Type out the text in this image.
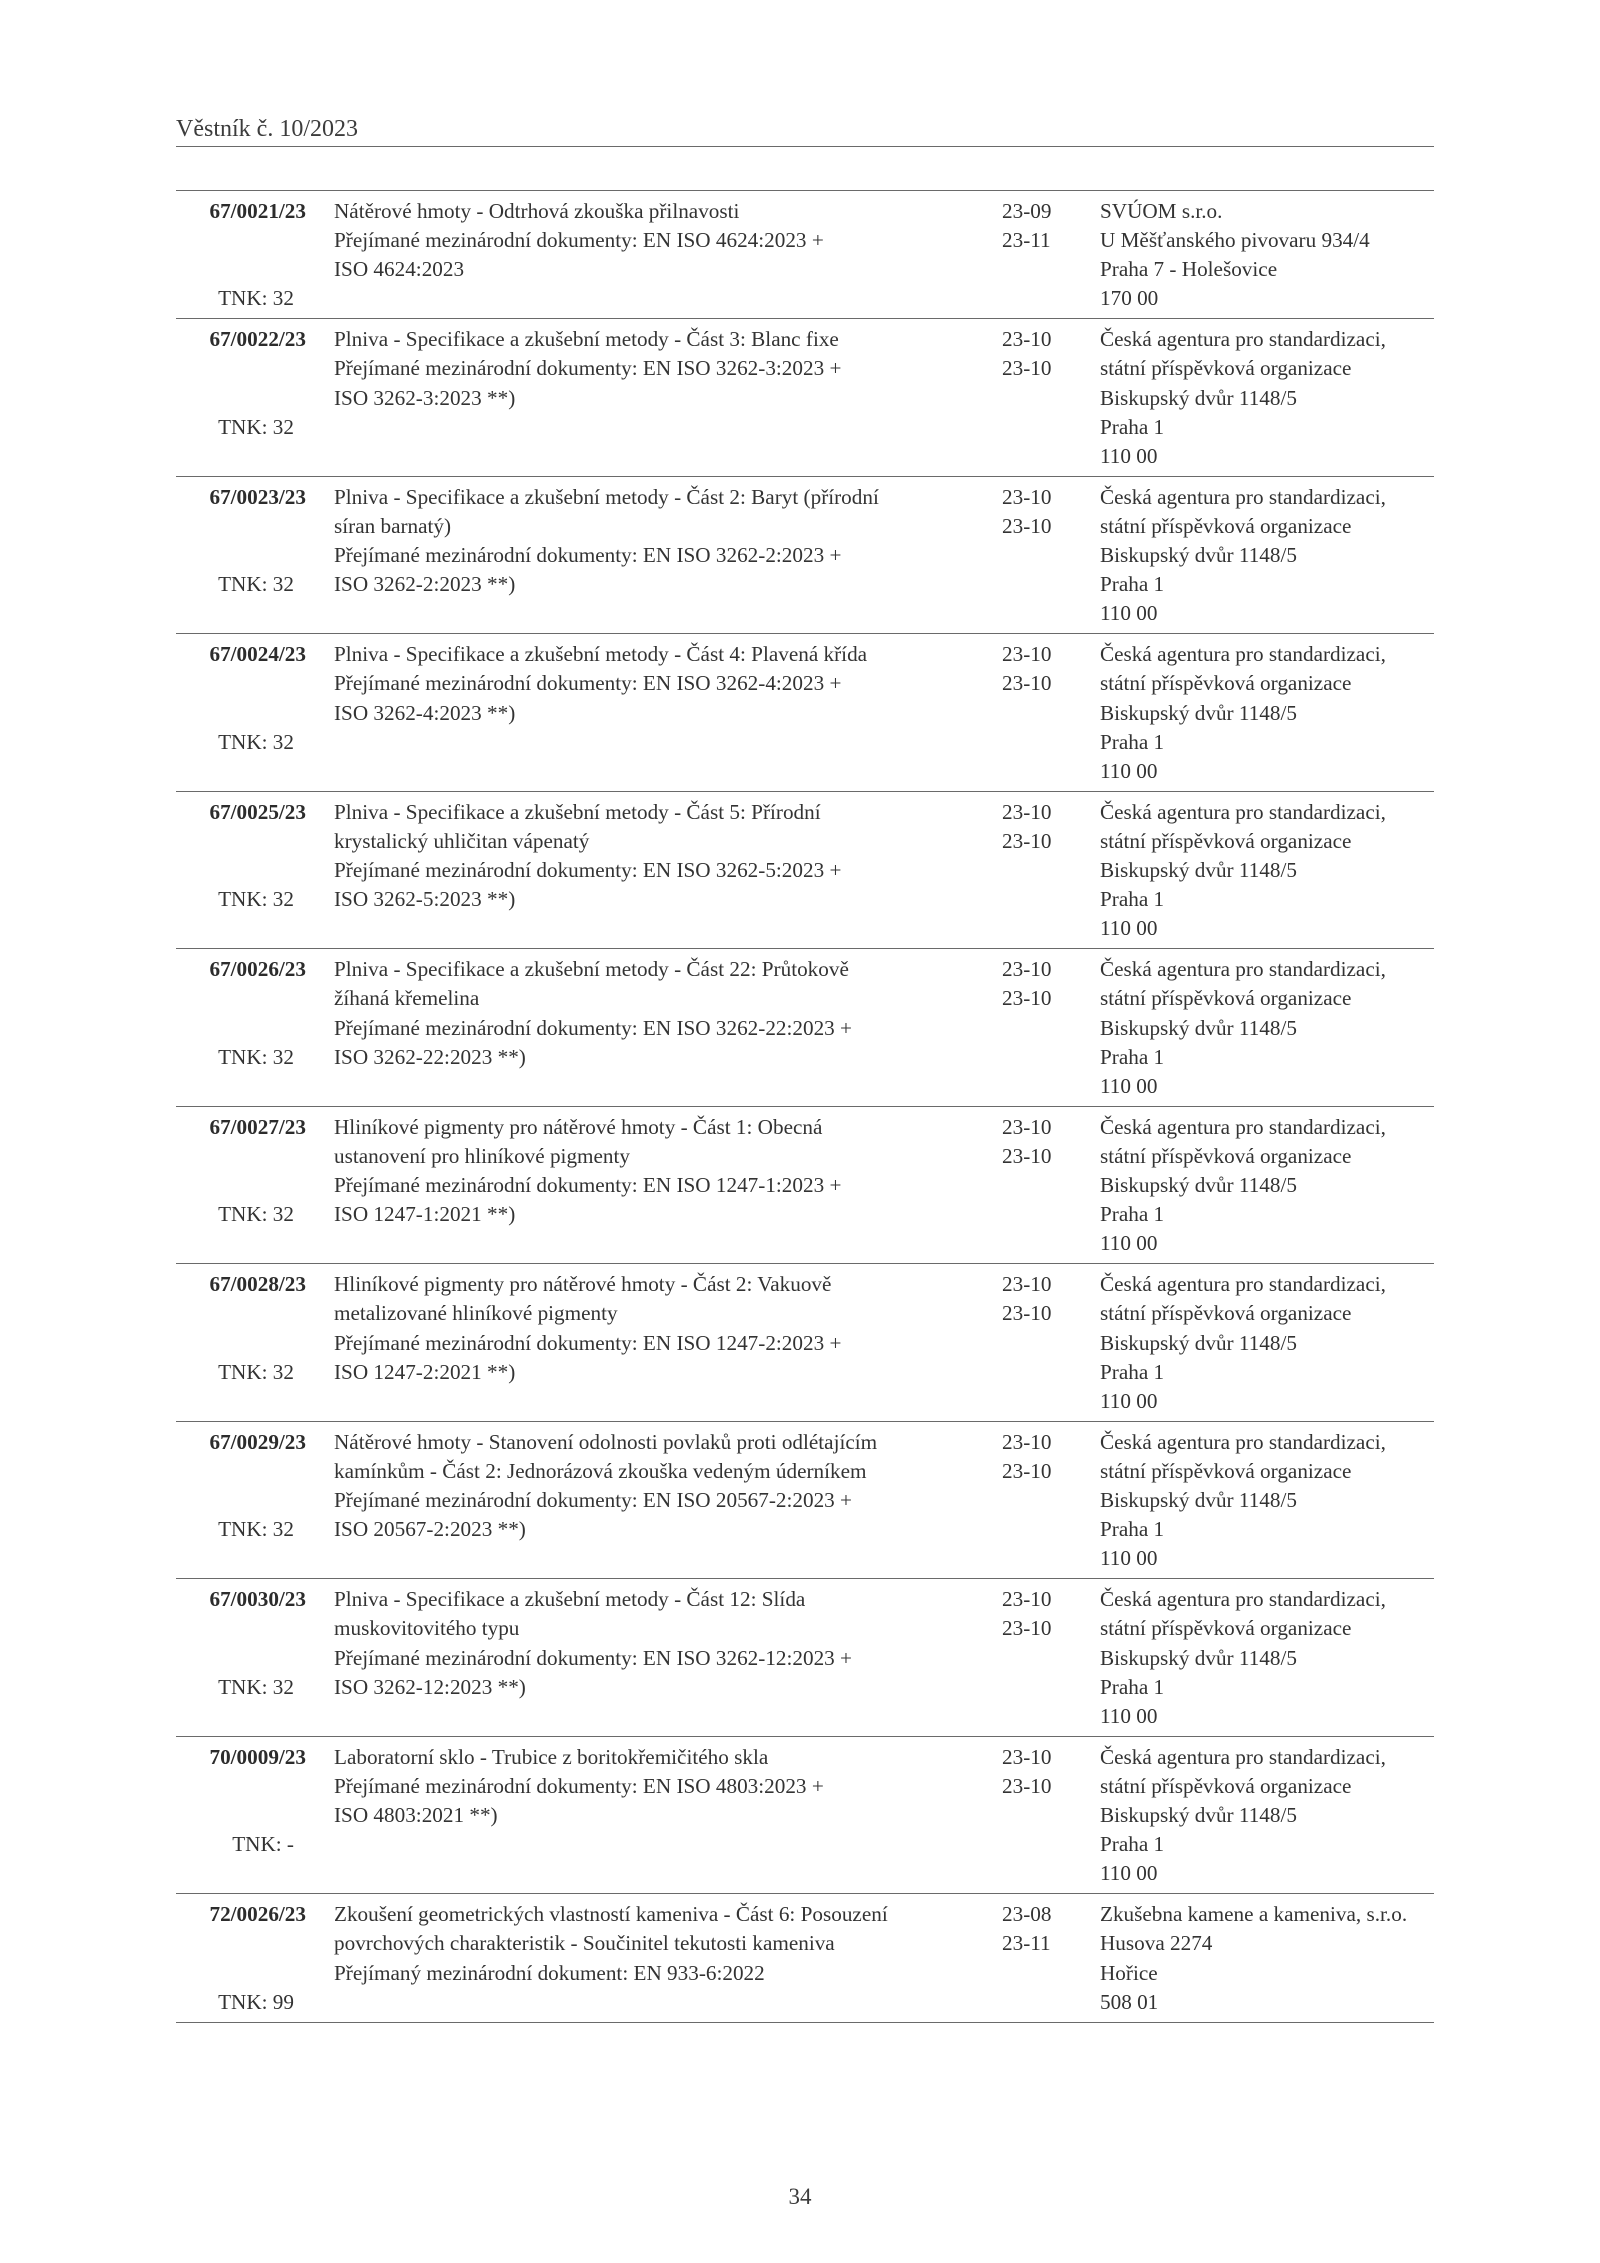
Věstník č. 10/2023
67/0021/23
TNK: 32
Nátěrové hmoty - Odtrhová zkouška přilnavosti
Přejímané mezinárodní dokumenty: EN ISO 4624:2023 +
ISO 4624:2023
23-09
23-11
SVÚOM s.r.o.
U Měšťanského pivovaru 934/4
Praha 7 - Holešovice
170 00
67/0022/23
TNK: 32
Plniva - Specifikace a zkušební metody - Část 3: Blanc fixe
Přejímané mezinárodní dokumenty: EN ISO 3262-3:2023 +
ISO 3262-3:2023 **)
23-10
23-10
Česká agentura pro standardizaci,
státní příspěvková organizace
Biskupský dvůr 1148/5
Praha 1
110 00
67/0023/23
TNK: 32
Plniva - Specifikace a zkušební metody - Část 2: Baryt (přírodní
síran barnatý)
Přejímané mezinárodní dokumenty: EN ISO 3262-2:2023 +
ISO 3262-2:2023 **)
23-10
23-10
Česká agentura pro standardizaci,
státní příspěvková organizace
Biskupský dvůr 1148/5
Praha 1
110 00
67/0024/23
TNK: 32
Plniva - Specifikace a zkušební metody - Část 4: Plavená křída
Přejímané mezinárodní dokumenty: EN ISO 3262-4:2023 +
ISO 3262-4:2023 **)
23-10
23-10
Česká agentura pro standardizaci,
státní příspěvková organizace
Biskupský dvůr 1148/5
Praha 1
110 00
67/0025/23
TNK: 32
Plniva - Specifikace a zkušební metody - Část 5: Přírodní
krystalický uhličitan vápenatý
Přejímané mezinárodní dokumenty: EN ISO 3262-5:2023 +
ISO 3262-5:2023 **)
23-10
23-10
Česká agentura pro standardizaci,
státní příspěvková organizace
Biskupský dvůr 1148/5
Praha 1
110 00
67/0026/23
TNK: 32
Plniva - Specifikace a zkušební metody - Část 22: Průtokově
žíhaná křemelina
Přejímané mezinárodní dokumenty: EN ISO 3262-22:2023 +
ISO 3262-22:2023 **)
23-10
23-10
Česká agentura pro standardizaci,
státní příspěvková organizace
Biskupský dvůr 1148/5
Praha 1
110 00
67/0027/23
TNK: 32
Hliníkové pigmenty pro nátěrové hmoty - Část 1: Obecná
ustanovení pro hliníkové pigmenty
Přejímané mezinárodní dokumenty: EN ISO 1247-1:2023 +
ISO 1247-1:2021 **)
23-10
23-10
Česká agentura pro standardizaci,
státní příspěvková organizace
Biskupský dvůr 1148/5
Praha 1
110 00
67/0028/23
TNK: 32
Hliníkové pigmenty pro nátěrové hmoty - Část 2: Vakuově
metalizované hliníkové pigmenty
Přejímané mezinárodní dokumenty: EN ISO 1247-2:2023 +
ISO 1247-2:2021 **)
23-10
23-10
Česká agentura pro standardizaci,
státní příspěvková organizace
Biskupský dvůr 1148/5
Praha 1
110 00
67/0029/23
TNK: 32
Nátěrové hmoty - Stanovení odolnosti povlaků proti odlétajícím
kamínkům - Část 2: Jednorázová zkouška vedeným úderníkem
Přejímané mezinárodní dokumenty: EN ISO 20567-2:2023 +
ISO 20567-2:2023 **)
23-10
23-10
Česká agentura pro standardizaci,
státní příspěvková organizace
Biskupský dvůr 1148/5
Praha 1
110 00
67/0030/23
TNK: 32
Plniva - Specifikace a zkušební metody - Část 12: Slída
muskovitovitého typu
Přejímané mezinárodní dokumenty: EN ISO 3262-12:2023 +
ISO 3262-12:2023 **)
23-10
23-10
Česká agentura pro standardizaci,
státní příspěvková organizace
Biskupský dvůr 1148/5
Praha 1
110 00
70/0009/23
TNK: -
Laboratorní sklo - Trubice z boritokřemičitého skla
Přejímané mezinárodní dokumenty: EN ISO 4803:2023 +
ISO 4803:2021 **)
23-10
23-10
Česká agentura pro standardizaci,
státní příspěvková organizace
Biskupský dvůr 1148/5
Praha 1
110 00
72/0026/23
TNK: 99
Zkoušení geometrických vlastností kameniva - Část 6: Posouzení
povrchových charakteristik - Součinitel tekutosti kameniva
Přejímaný mezinárodní dokument: EN 933-6:2022
23-08
23-11
Zkušebna kamene a kameniva, s.r.o.
Husova 2274
Hořice
508 01
34
